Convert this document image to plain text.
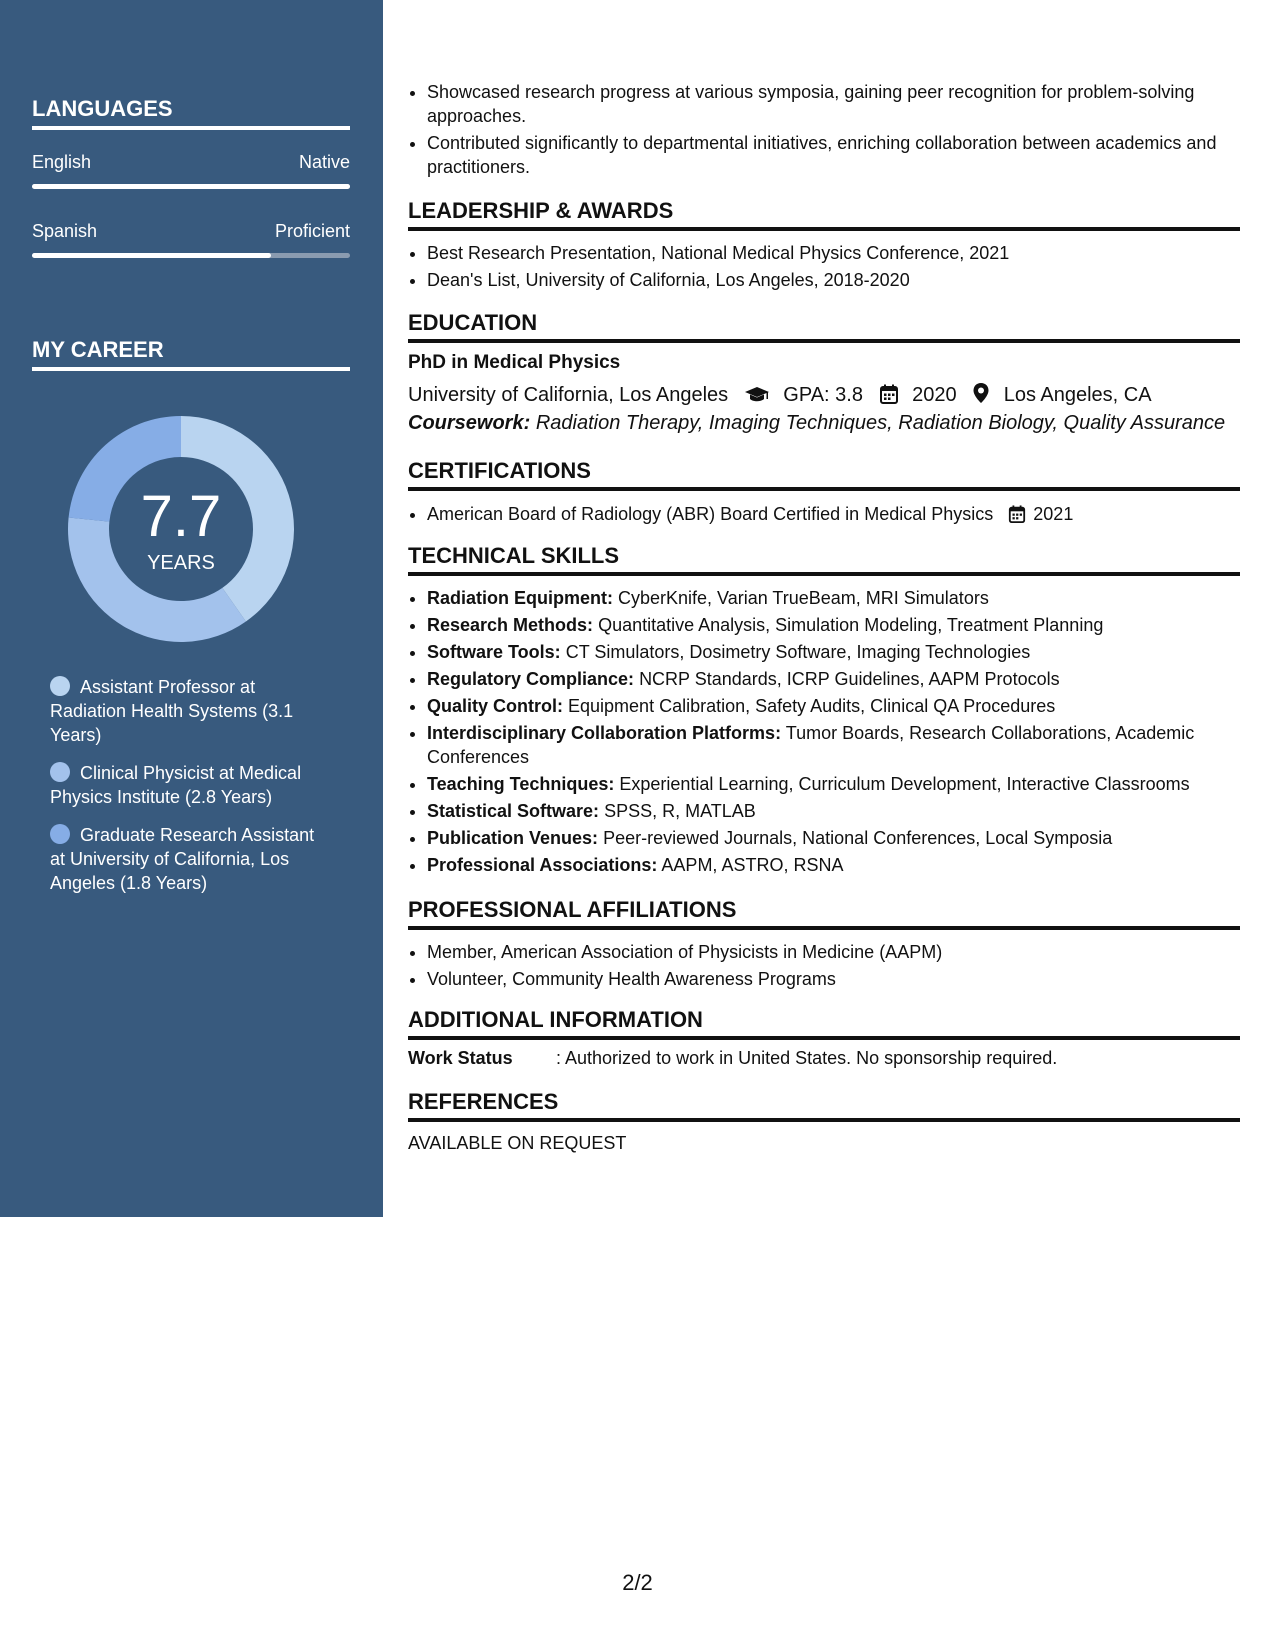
LANGUAGES
English	Native
Spanish	Proficient
MY CAREER
7.7
YEARS
Assistant Professor at Radiation Health Systems (3.1 Years)
Clinical Physicist at Medical Physics Institute (2.8 Years)
Graduate Research Assistant at University of California, Los Angeles (1.8 Years)
• Showcased research progress at various symposia, gaining peer recognition for problem-solving approaches.
• Contributed significantly to departmental initiatives, enriching collaboration between academics and practitioners.
LEADERSHIP & AWARDS
• Best Research Presentation, National Medical Physics Conference, 2021
• Dean's List, University of California, Los Angeles, 2018-2020
EDUCATION
PhD in Medical Physics
University of California, Los Angeles	GPA: 3.8 2020 Los Angeles, CA
Coursework: Radiation Therapy, Imaging Techniques, Radiation Biology, Quality Assurance
CERTIFICATIONS
• American Board of Radiology (ABR) Board Certified in Medical Physics 2021
TECHNICAL SKILLS
• Radiation Equipment: CyberKnife, Varian TrueBeam, MRI Simulators
• Research Methods: Quantitative Analysis, Simulation Modeling, Treatment Planning
• Software Tools: CT Simulators, Dosimetry Software, Imaging Technologies
• Regulatory Compliance: NCRP Standards, ICRP Guidelines, AAPM Protocols
• Quality Control: Equipment Calibration, Safety Audits, Clinical QA Procedures
• Interdisciplinary Collaboration Platforms: Tumor Boards, Research Collaborations, Academic Conferences
• Teaching Techniques: Experiential Learning, Curriculum Development, Interactive Classrooms
• Statistical Software: SPSS, R, MATLAB
• Publication Venues: Peer-reviewed Journals, National Conferences, Local Symposia
• Professional Associations: AAPM, ASTRO, RSNA
PROFESSIONAL AFFILIATIONS
• Member, American Association of Physicists in Medicine (AAPM)
• Volunteer, Community Health Awareness Programs
ADDITIONAL INFORMATION
Work Status : Authorized to work in United States. No sponsorship required.
REFERENCES
AVAILABLE ON REQUEST
2/2
